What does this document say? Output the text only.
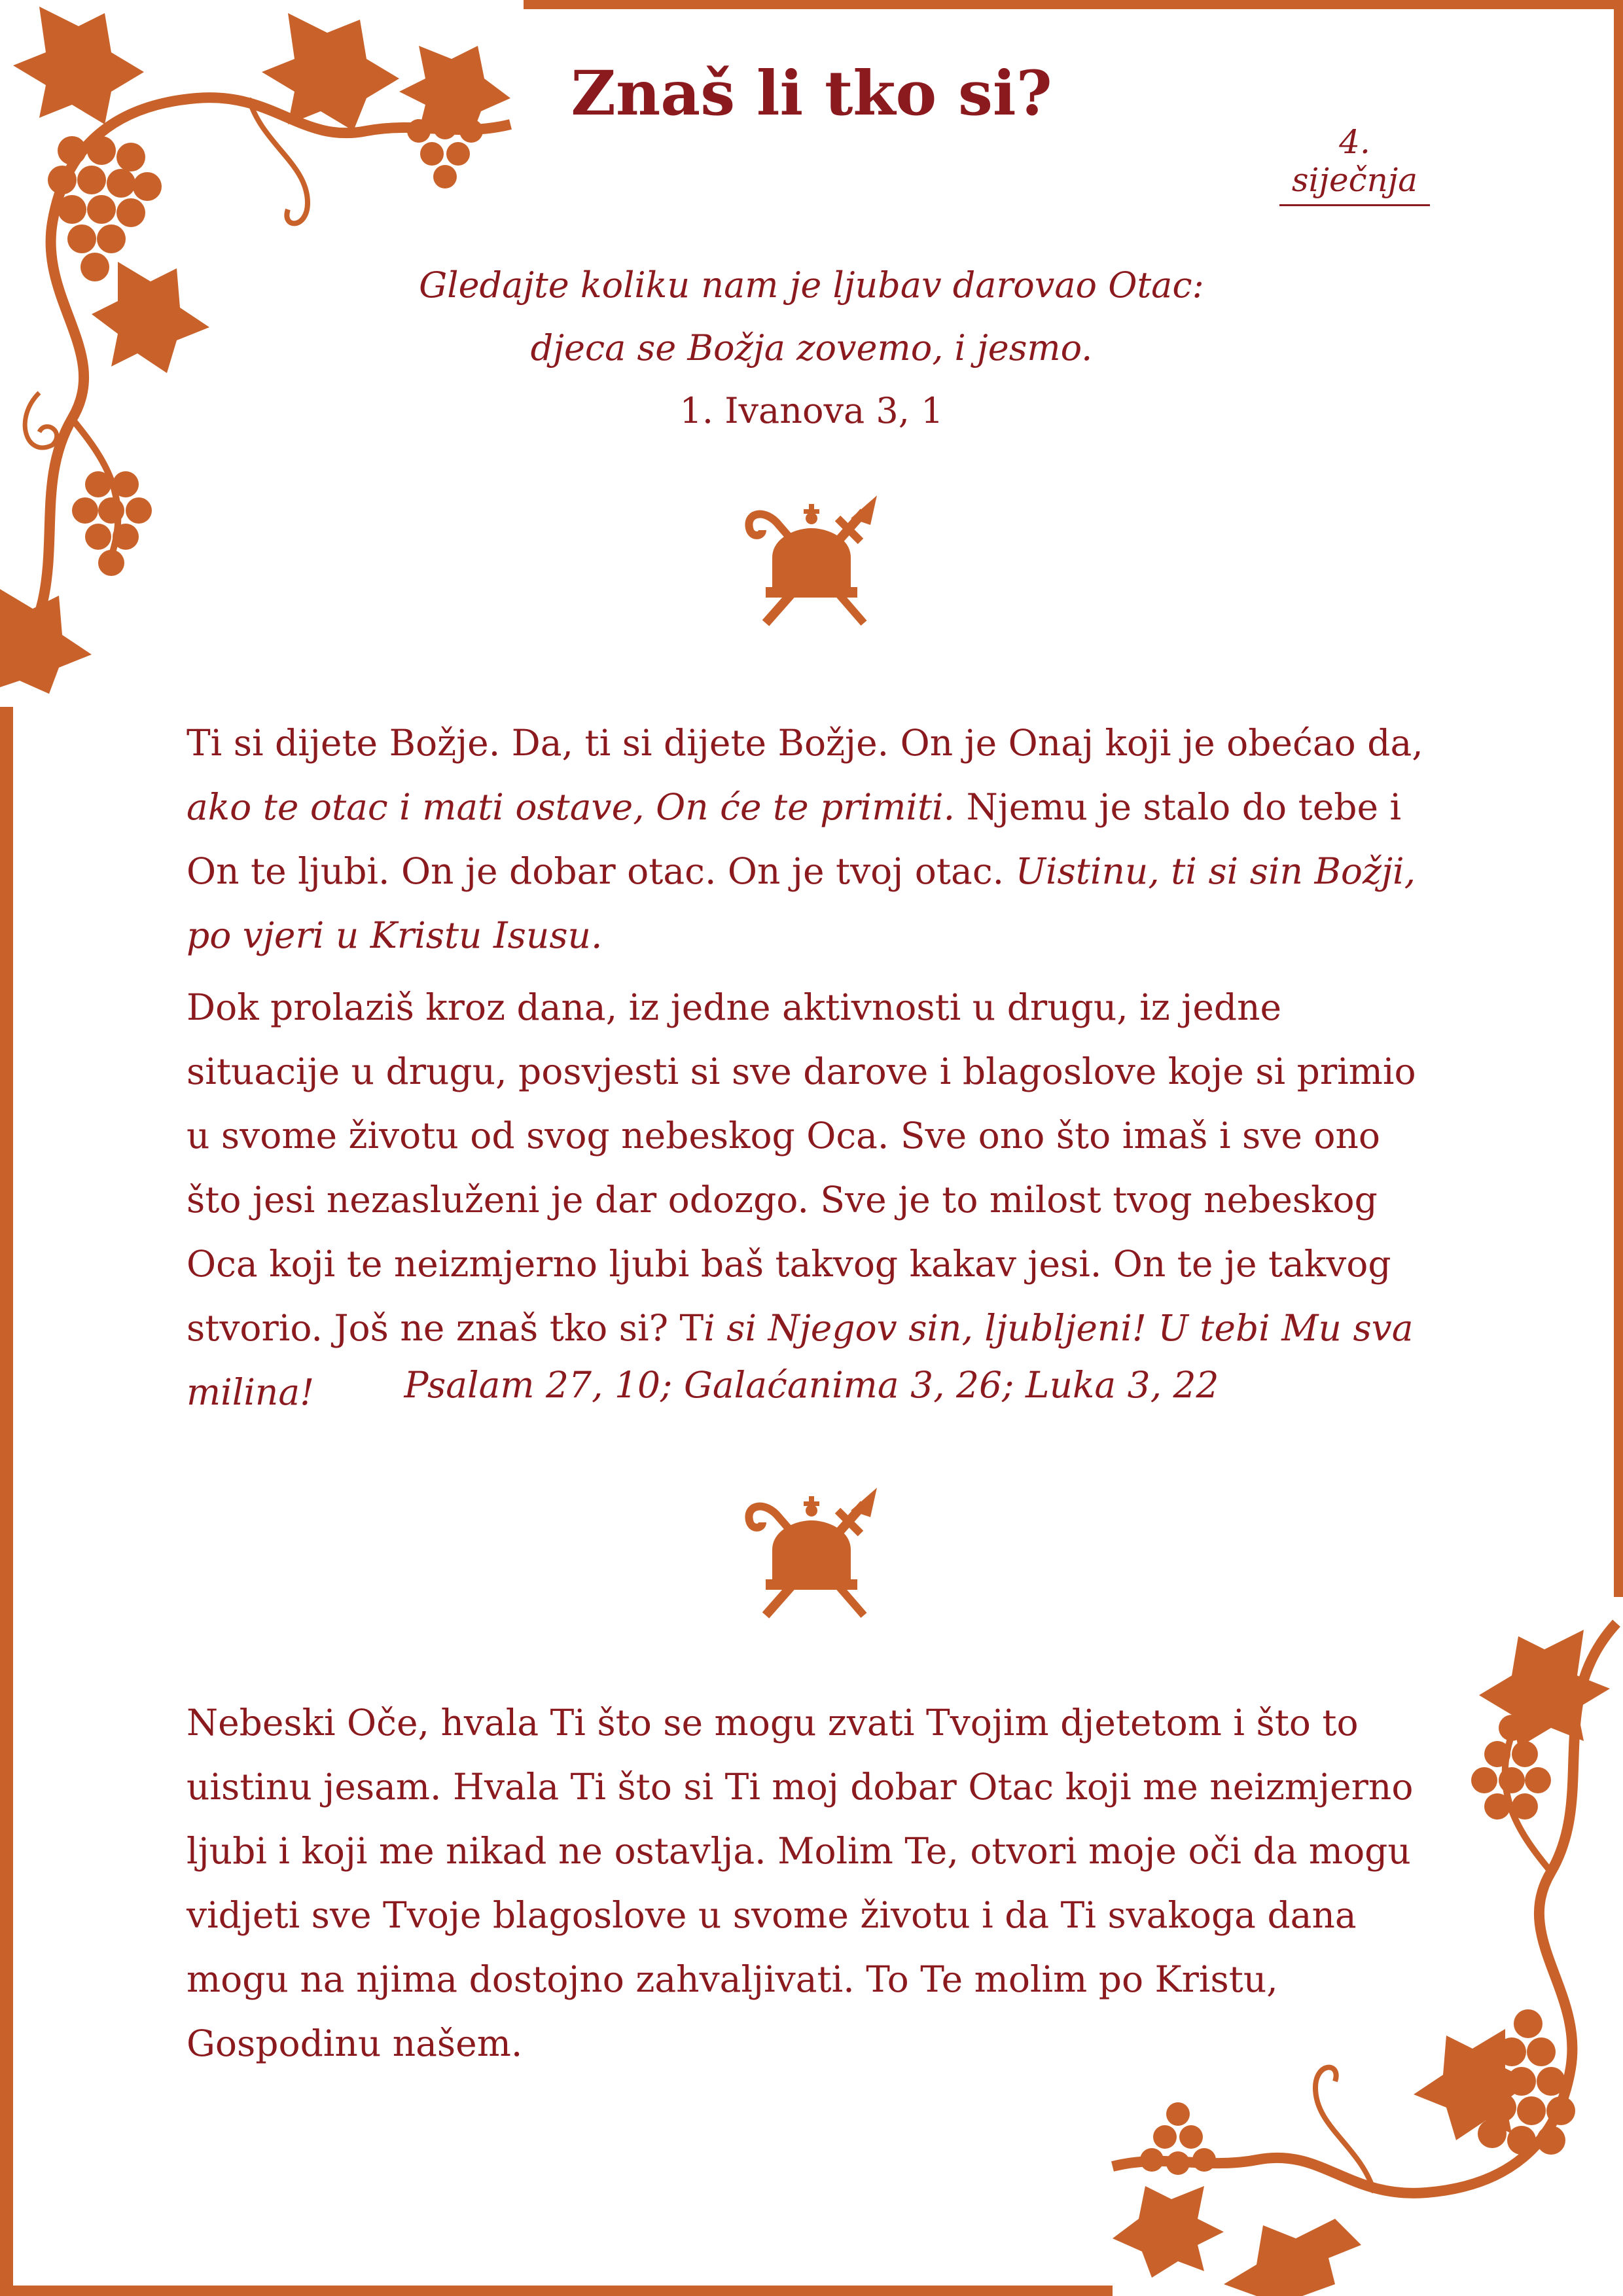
Znaš li tko si?
4. siječnja
Gledajte koliku nam je ljubav darovao Otac:
djeca se Božja zovemo, i jesmo.
1. Ivanova 3, 1
Ti si dijete Božje. Da, ti si dijete Božje. On je Onaj koji je obećao da, ako te otac i mati ostave, On će te primiti. Njemu je stalo do tebe i On te ljubi. On je dobar otac. On je tvoj otac. Uistinu, ti si sin Božji, po vjeri u Kristu Isusu.
Dok prolaziš kroz dana, iz jedne aktivnosti u drugu, iz jedne situacije u drugu, posvjesti si sve darove i blagoslove koje si primio u svome životu od svog nebeskog Oca. Sve ono što imaš i sve ono što jesi nezasluženi je dar odozgo. Sve je to milost tvog nebeskog Oca koji te neizmjerno ljubi baš takvog kakav jesi. On te je takvog stvorio. Još ne znaš tko si? Ti si Njegov sin, ljubljeni! U tebi Mu sva milina!	Psalam 27, 10; Galaćanima 3, 26; Luka 3, 22
Nebeski Oče, hvala Ti što se mogu zvati Tvojim djetetom i što to uistinu jesam. Hvala Ti što si Ti moj dobar Otac koji me neizmjerno ljubi i koji me nikad ne ostavlja. Molim Te, otvori moje oči da mogu vidjeti sve Tvoje blagoslove u svome životu i da Ti svakoga dana mogu na njima dostojno zahvaljivati. To Te molim po Kristu, Gospodinu našem.
